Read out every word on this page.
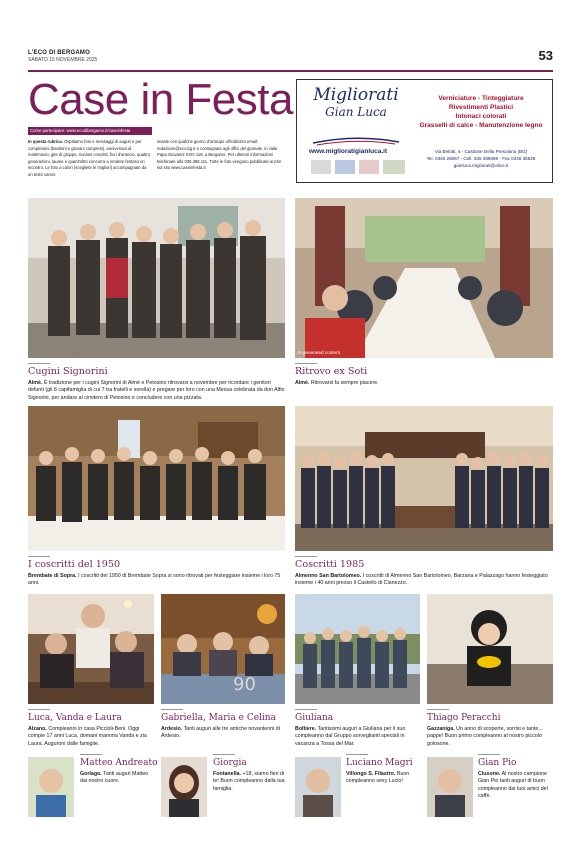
L'ECO DI BERGAMO
SABATO 15 NOVEMBRE 2025	53
Case in Festa
Come partecipare: www.ecodibergamo.it/caseinfesta
In questa rubrica. Ospitiamo foto e messaggi di auguri e per compleanni (bambini e giovani compresi), anniversari di matrimonio, gite di gruppo, riunioni coscritti, fiori d'arancio, quattro generazioni, lauree e quant'altro concorra a rendere festoso un incontro. Le foto a colori (scegliete le migliori) accompagnate da un testo vanno
inviate con qualche giorno d'anticipo all'indirizzo email: redazione@eco.bg.it o consegnate agli uffici del giornale, in viale Papa Giovanni XXIII 118, a Bergamo. Per ulteriori informazioni telefonare allo 035.386.111. Tutte le foto vengono pubblicate anche sul sito www.caseinfesta.it
Migliorati
Gian Luca
www.miglioratigianluca.it
Verniciature - Tinteggiature
Rivestimenti Plastici
Intonaci colorati
Grasselli di calce - Manutenzione legno
Via Belotti, 4 - Castione Della Presolana (BG)
Tel. 0346 26067 - Cell. 335 389069 - Fax 0346 36628
gianluca.migliorati@alice.it
AI-generated content
Cugini Signorini
Almè. È tradizione per i cugini Signorini di Almè e Petosino ritrovarsi a novembre per ricordare i genitori defunti (gli 8 capifamiglia di cui 7 tra fratelli e sorella) e pregare per loro con una Messa celebrata da don Alfio Signorini, per andare al cimitero di Petosino e concludere con una pizzata.
Ritrovo ex Soti
Almè. Ritrovarsi fa sempre piacere.
I coscritti del 1950
Brembate di Sopra. I coscritti del 1950 di Brembate Sopra si sono ritrovati per festeggiare insieme i loro 75 anni.
Coscritti 1985
Almenno San Bartolomeo. I coscritti di Almenno San Bartolomeo, Barzana e Palazzago hanno festeggiato insieme i 40 anni presso il Castello di Clanezzo.
90
Luca, Vanda e Laura
Alzano. Compleanni in casa Piccioli-Beni. Oggi compie 17 anni Luca, domani mamma Vanda e zia Laura. Auguroni dalle famiglie.
Gabriella, Maria e Celina
Ardesio. Tanti auguri alle tre amiche novantenni di Ardesio.
Giuliana
Boltiere. Tantissimi auguri a Giuliana per il suo compleanno dal Gruppo sorveglianti speciali in vacanza a Tossa del Mar.
Thiago Peracchi
Gazzaniga. Un anno di scoperte, sorrisi e tante... pappe! Buon primo compleanno al nostro piccolo golosone.
Matteo Andreato
Gorlago. Tanti auguri Matteo dai nostro cuore.
Giorgia
Fontanella. +18, siamo fieri di te! Buon compleanno dalla tua famiglia.
Luciano Magri
Villongo S. Filastro. Buon compleanno sexy Lucio!
Gian Pio
Clusone. Al nostro campione Gian Pio tanti auguri di buon compleanno dai tuoi amici del caffè.
